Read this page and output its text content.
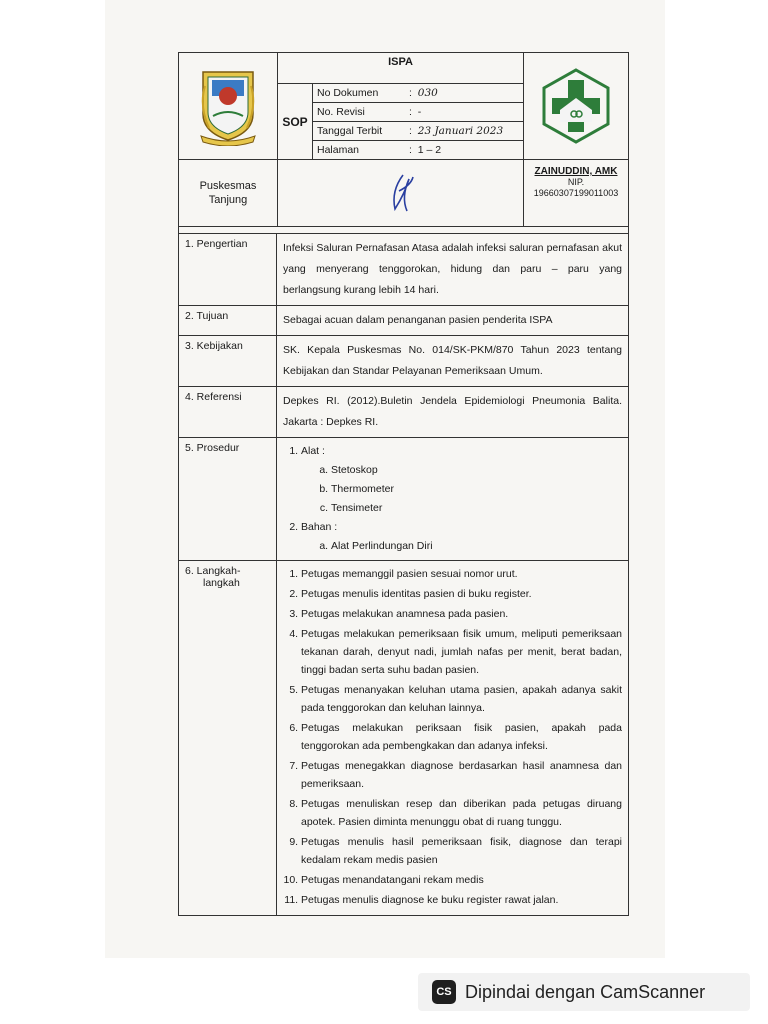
ISPA
SOP
No Dokumen	: 030
No. Revisi	: -
Tanggal Terbit	: 23 Januari 2023
Halaman	: 1 – 2
Puskesmas
Tanjung
ZAINUDDIN, AMK
NIP.
19660307199011003
1. Pengertian	Infeksi Saluran Pernafasan Atasa adalah infeksi saluran pernafasan akut yang menyerang tenggorokan, hidung dan paru – paru yang berlangsung kurang lebih 14 hari.
2. Tujuan	Sebagai acuan dalam penanganan pasien penderita ISPA
3. Kebijakan	SK. Kepala Puskesmas No. 014/SK-PKM/870 Tahun 2023 tentang Kebijakan dan Standar Pelayanan Pemeriksaan Umum.
4. Referensi	Depkes RI. (2012).Buletin Jendela Epidemiologi Pneumonia Balita. Jakarta : Depkes RI.
5. Prosedur
1.	Alat :
a. Stetoskop
b. Thermometer
c. Tensimeter
2. Bahan :
a. Alat Perlindungan Diri
6. Langkah-
langkah
1. Petugas memanggil pasien sesuai nomor urut.
2. Petugas menulis identitas pasien di buku register.
3. Petugas melakukan anamnesa pada pasien.
4. Petugas melakukan pemeriksaan fisik umum, meliputi pemeriksaan tekanan darah, denyut nadi, jumlah nafas per menit, berat badan, tinggi badan serta suhu badan pasien.
5. Petugas menanyakan keluhan utama pasien, apakah adanya sakit pada tenggorokan dan keluhan lainnya.
6. Petugas melakukan periksaan fisik pasien, apakah pada tenggorokan ada pembengkakan dan adanya infeksi.
7. Petugas menegakkan diagnose berdasarkan hasil anamnesa dan pemeriksaan.
8. Petugas menuliskan resep dan diberikan pada petugas diruang apotek. Pasien diminta menunggu obat di ruang tunggu.
9. Petugas menulis hasil pemeriksaan fisik, diagnose dan terapi kedalam rekam medis pasien
10. Petugas menandatangani rekam medis
11. Petugas menulis diagnose ke buku register rawat jalan.
CS Dipindai dengan CamScanner
